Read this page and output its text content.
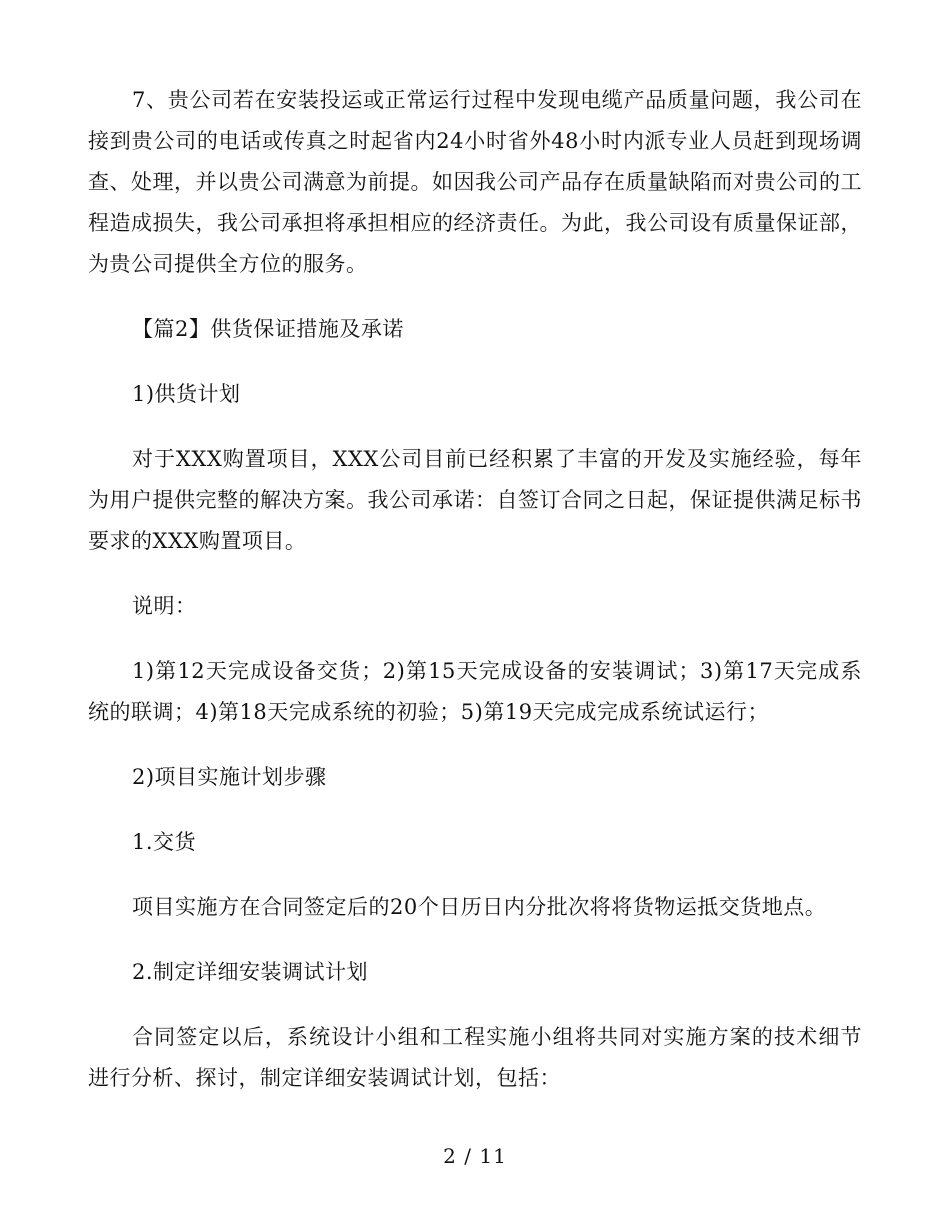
7、贵公司若在安装投运或正常运行过程中发现电缆产品质量问题，我公司在接到贵公司的电话或传真之时起省内24小时省外48小时内派专业人员赶到现场调查、处理，并以贵公司满意为前提。如因我公司产品存在质量缺陷而对贵公司的工程造成损失，我公司承担将承担相应的经济责任。为此，我公司设有质量保证部，为贵公司提供全方位的服务。

【篇2】供货保证措施及承诺

1)供货计划

对于XXX购置项目，XXX公司目前已经积累了丰富的开发及实施经验，每年为用户提供完整的解决方案。我公司承诺：自签订合同之日起，保证提供满足标书要求的XXX购置项目。

说明：

1)第12天完成设备交货；2)第15天完成设备的安装调试；3)第17天完成系统的联调；4)第18天完成系统的初验；5)第19天完成完成系统试运行；

2)项目实施计划步骤

1.交货

项目实施方在合同签定后的20个日历日内分批次将将货物运抵交货地点。

2.制定详细安装调试计划

合同签定以后，系统设计小组和工程实施小组将共同对实施方案的技术细节进行分析、探讨，制定详细安装调试计划，包括：

2 / 11
